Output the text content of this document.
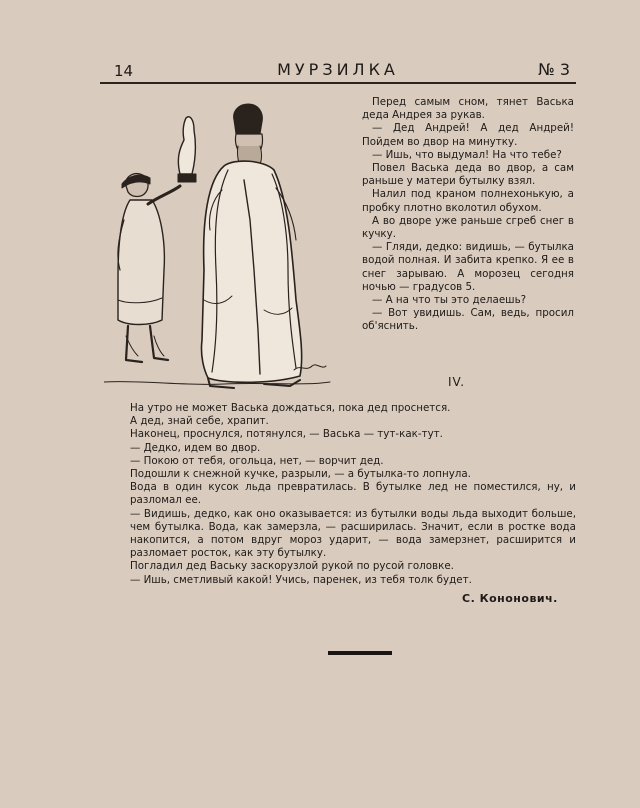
14	МУРЗИЛКА	№ 3

Перед самым сном, тянет Васька деда Андрея за рукав.

— Дед Андрей! А дед Андрей! Пойдем во двор на минутку.

— Ишь, что выдумал! На что тебе?

Повел Васька деда во двор, а сам раньше у матери бутылку взял.

Налил под краном полнехонькую, а пробку плотно вколотил обухом.

А во дворе уже раньше сгреб снег в кучку.

— Гляди, дедко: видишь, — бутылка водой полная. И забита крепко. Я ее в снег зарываю. А морозец сегодня ночью — градусов 5.

— А на что ты это делаешь?

— Вот увидишь. Сам, ведь, просил об'яснить.

IV.

На утро не может Васька дождаться, пока дед проснется.

А дед, знай себе, храпит.

Наконец, проснулся, потянулся, — Васька — тут-как-тут.

— Дедко, идем во двор.

— Покою от тебя, огольца, нет, — ворчит дед.

Подошли к снежной кучке, разрыли, — а бутылка-то лопнула.

Вода в один кусок льда превратилась. В бутылке лед не поместился, ну, и разломал ее.

— Видишь, дедко, как оно оказывается: из бутылки воды льда выходит больше, чем бутылка. Вода, как замерзла, — расширилась. Значит, если в ростке вода накопится, а потом вдруг мороз ударит, — вода замерзнет, расширится и разломает росток, как эту бутылку.

Погладил дед Ваську заскорузлой рукой по русой головке.

— Ишь, сметливый какой! Учись, паренек, из тебя толк будет.

С. Кононович.
